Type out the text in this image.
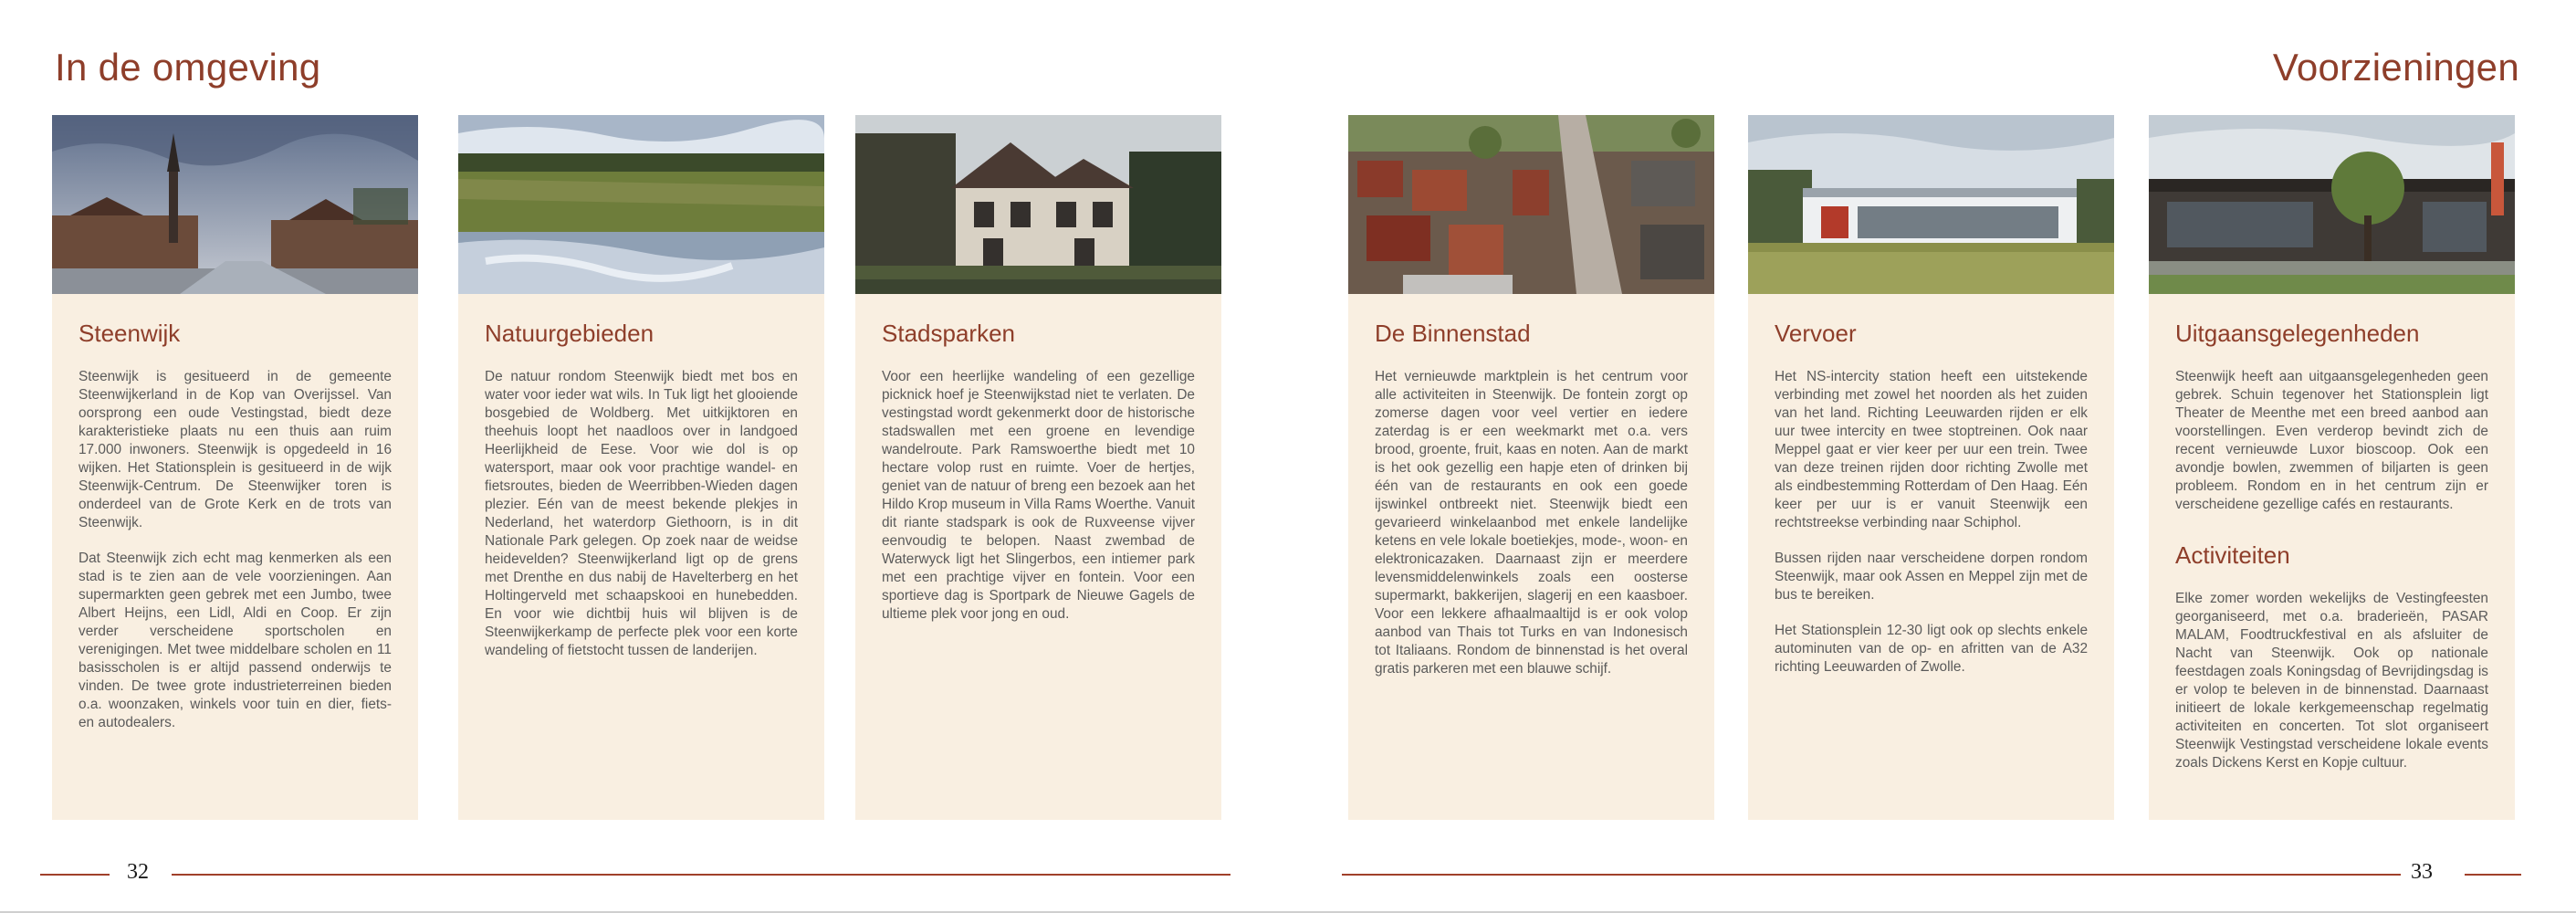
In de omgeving	Voorzieningen
Steenwijk

Steenwijk is gesitueerd in de gemeente Steenwijkerland in de Kop van Overijssel. Van oorsprong een oude Vestingstad, biedt deze karakteristieke plaats nu een thuis aan ruim 17.000 inwoners. Steenwijk is opgedeeld in 16 wijken. Het Stationsplein is gesitueerd in de wijk Steenwijk-Centrum. De Steenwijker toren is onderdeel van de Grote Kerk en de trots van Steenwijk.

Dat Steenwijk zich echt mag kenmerken als een stad is te zien aan de vele voorzieningen. Aan supermarkten geen gebrek met een Jumbo, twee Albert Heijns, een Lidl, Aldi en Coop. Er zijn verder verscheidene sportscholen en verenigingen. Met twee middelbare scholen en 11 basisscholen is er altijd passend onderwijs te vinden. De twee grote industrieterreinen bieden o.a. woonzaken, winkels voor tuin en dier, fiets- en autodealers.

Natuurgebieden

De natuur rondom Steenwijk biedt met bos en water voor ieder wat wils. In Tuk ligt het glooiende bosgebied de Woldberg. Met uitkijktoren en theehuis loopt het naadloos over in landgoed Heerlijkheid de Eese. Voor wie dol is op watersport, maar ook voor prachtige wandel- en fietsroutes, bieden de Weerribben-Wieden dagen plezier. Eén van de meest bekende plekjes in Nederland, het waterdorp Giethoorn, is in dit Nationale Park gelegen. Op zoek naar de weidse heidevelden? Steenwijkerland ligt op de grens met Drenthe en dus nabij de Havelterberg en het Holtingerveld met schaapskooi en hunebedden. En voor wie dichtbij huis wil blijven is de Steenwijkerkamp de perfecte plek voor een korte wandeling of fietstocht tussen de landerijen.

Stadsparken

Voor een heerlijke wandeling of een gezellige picknick hoef je Steenwijkstad niet te verlaten. De vestingstad wordt gekenmerkt door de historische stadswallen met een groene en levendige wandelroute. Park Ramswoerthe biedt met 10 hectare volop rust en ruimte. Voer de hertjes, geniet van de natuur of breng een bezoek aan het Hildo Krop museum in Villa Rams Woerthe. Vanuit dit riante stadspark is ook de Ruxveense vijver eenvoudig te belopen. Naast zwembad de Waterwyck ligt het Slingerbos, een intiemer park met een prachtige vijver en fontein. Voor een sportieve dag is Sportpark de Nieuwe Gagels de ultieme plek voor jong en oud.

De Binnenstad

Het vernieuwde marktplein is het centrum voor alle activiteiten in Steenwijk. De fontein zorgt op zomerse dagen voor veel vertier en iedere zaterdag is er een weekmarkt met o.a. vers brood, groente, fruit, kaas en noten. Aan de markt is het ook gezellig een hapje eten of drinken bij één van de restaurants en ook een goede ijswinkel ontbreekt niet. Steenwijk biedt een gevarieerd winkelaanbod met enkele landelijke ketens en vele lokale boetiekjes, mode-, woon- en elektronicazaken. Daarnaast zijn er meerdere levensmiddelenwinkels zoals een oosterse supermarkt, bakkerijen, slagerij en een kaasboer. Voor een lekkere afhaalmaaltijd is er ook volop aanbod van Thais tot Turks en van Indonesisch tot Italiaans. Rondom de binnenstad is het overal gratis parkeren met een blauwe schijf.

Vervoer

Het NS-intercity station heeft een uitstekende verbinding met zowel het noorden als het zuiden van het land. Richting Leeuwarden rijden er elk uur twee intercity en twee stoptreinen. Ook naar Meppel gaat er vier keer per uur een trein. Twee van deze treinen rijden door richting Zwolle met als eindbestemming Rotterdam of Den Haag. Eén keer per uur is er vanuit Steenwijk een rechtstreekse verbinding naar Schiphol.

Bussen rijden naar verscheidene dorpen rondom Steenwijk, maar ook Assen en Meppel zijn met de bus te bereiken.

Het Stationsplein 12-30 ligt ook op slechts enkele autominuten van de op- en afritten van de A32 richting Leeuwarden of Zwolle.

Uitgaansgelegenheden

Steenwijk heeft aan uitgaansgelegenheden geen gebrek. Schuin tegenover het Stationsplein ligt Theater de Meenthe met een breed aanbod aan voorstellingen. Even verderop bevindt zich de recent vernieuwde Luxor bioscoop. Ook een avondje bowlen, zwemmen of biljarten is geen probleem. Rondom en in het centrum zijn er verscheidene gezellige cafés en restaurants.

Activiteiten

Elke zomer worden wekelijks de Vestingfeesten georganiseerd, met o.a. braderieën, PASAR MALAM, Foodtruckfestival en als afsluiter de Nacht van Steenwijk. Ook op nationale feestdagen zoals Koningsdag of Bevrijdingsdag is er volop te beleven in de binnenstad. Daarnaast initieert de lokale kerkgemeenschap regelmatig activiteiten en concerten. Tot slot organiseert Steenwijk Vestingstad verscheidene lokale events zoals Dickens Kerst en Kopje cultuur.

32	33
